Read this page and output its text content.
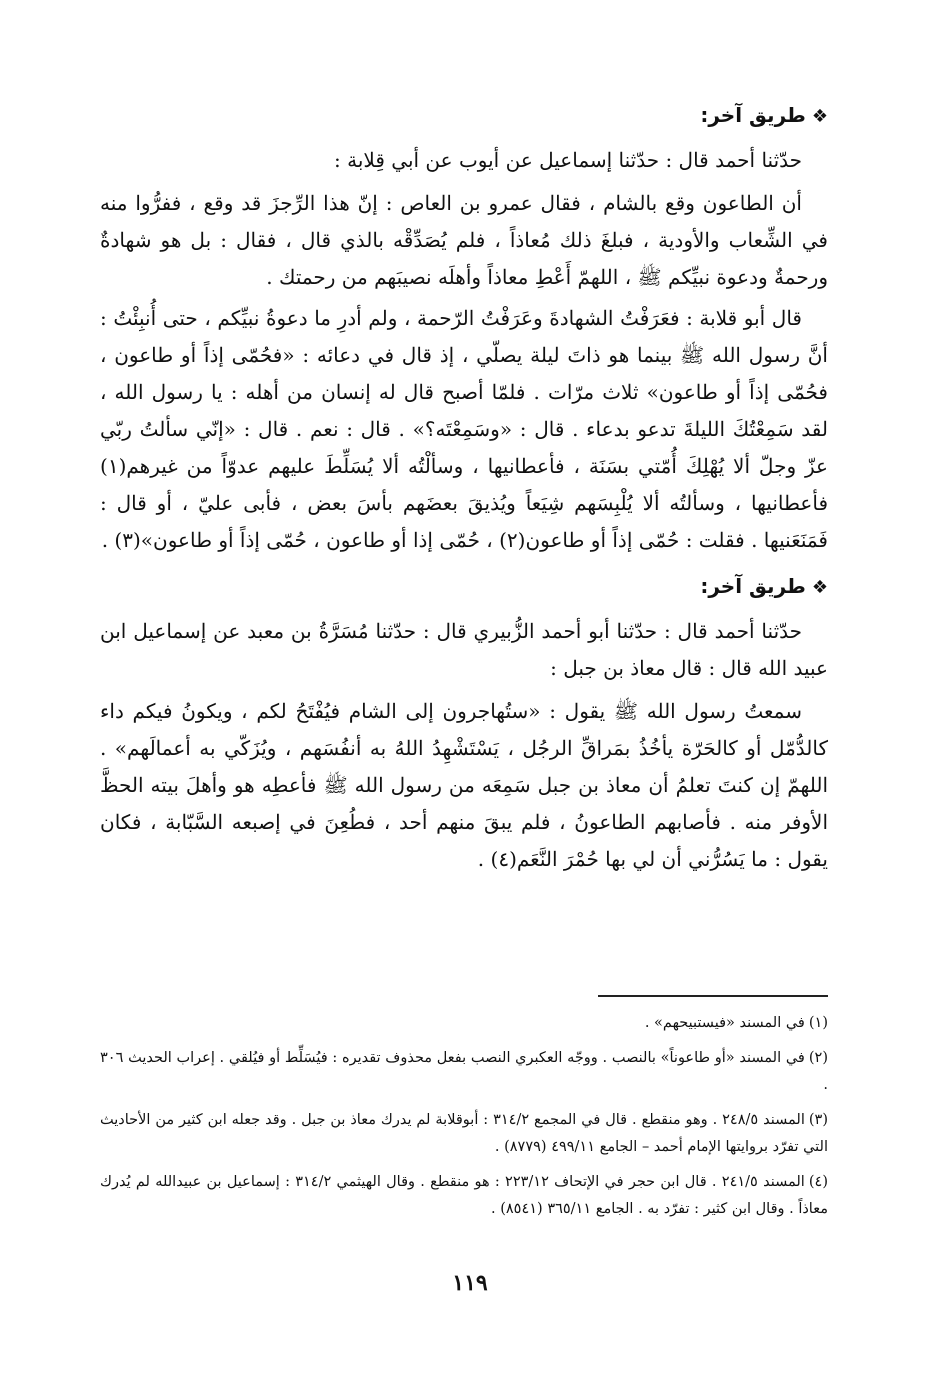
❖طريق آخر:

حدّثنا أحمد قال : حدّثنا إسماعيل عن أيوب عن أبي قِلابة :

أن الطاعون وقع بالشام ، فقال عمرو بن العاص : إنّ هذا الرِّجزَ قد وقع ، ففرُّوا منه في الشِّعاب والأودية ، فبلغَ ذلك مُعاذاً ، فلم يُصَدِّقْه بالذي قال ، فقال : بل هو شهادةٌ ورحمةٌ ودعوة نبيِّكم ﷺ ، اللهمّ أَعْطِ معاذاً وأهلَه نصيبَهم من رحمتك .

قال أبو قلابة : فعَرَفْتُ الشهادةَ وعَرَفْتُ الرّحمة ، ولم أدرِ ما دعوةُ نبيِّكم ، حتى أُنبِئْتُ : أنَّ رسول الله ﷺ بينما هو ذاتَ ليلة يصلّي ، إذ قال في دعائه : «فحُمّى إذاً أو طاعون ، فحُمّى إذاً أو طاعون» ثلاث مرّات . فلمّا أصبح قال له إنسان من أهله : يا رسول الله ، لقد سَمِعْتُكَ الليلةَ تدعو بدعاء . قال : «وسَمِعْتَه؟» . قال : نعم . قال : «إنّي سألتُ ربّي عزّ وجلّ ألا يُهْلِكَ أُمّتي بسَنَة ، فأعطانيها ، وسألْتُه ألا يُسَلِّطَ عليهم عدوّاً من غيرهم(١) فأعطانيها ، وسألتُه ألا يُلْبِسَهم شِيَعاً ويُذيقَ بعضَهم بأسَ بعض ، فأبى عليّ ، أو قال : فَمَنَعَنيها . فقلت : حُمّى إذاً أو طاعون(٢) ، حُمّى إذا أو طاعون ، حُمّى إذاً أو طاعون»(٣) .

❖طريق آخر:

حدّثنا أحمد قال : حدّثنا أبو أحمد الزُّبيري قال : حدّثنا مُسَرَّةُ بن معبد عن إسماعيل ابن عبيد الله قال : قال معاذ بن جبل :

سمعتُ رسول الله ﷺ يقول : «ستُهاجرون إلى الشام فيُفْتَحُ لكم ، ويكونُ فيكم داء كالدُّمّل أو كالحَرّة يأخُذُ بمَراقِّ الرجُل ، يَسْتَشْهِدُ اللهُ به أنفُسَهم ، ويُزَكّي به أعمالَهم» . اللهمّ إن كنتَ تعلمُ أن معاذ بن جبل سَمِعَه من رسول الله ﷺ فأعطِه هو وأهلَ بيته الحظَّ الأوفر منه . فأصابهم الطاعونُ ، فلم يبقَ منهم أحد ، فطُعِنَ في إصبعه السَّبّابة ، فكان يقول : ما يَسُرُّني أن لي بها حُمْرَ النَّعَم(٤) .

(١)في المسند «فيستبيحهم» .

(٢)في المسند «أو طاعوناً» بالنصب . ووجّه العكبري النصب بفعل محذوف تقديره : فيُسَلِّط أو فيُلقي . إعراب الحديث ٣٠٦ .

(٣)المسند ٢٤٨/٥ . وهو منقطع . قال في المجمع ٣١٤/٢ : أبوقلابة لم يدرك معاذ بن جبل . وقد جعله ابن كثير من الأحاديث التي تفرّد بروايتها الإمام أحمد – الجامع ٤٩٩/١١ (٨٧٧٩) .

(٤)المسند ٢٤١/٥ . قال ابن حجر في الإتحاف ٢٢٣/١٢ : هو منقطع . وقال الهيثمي ٣١٤/٢ : إسماعيل بن عبيدالله لم يُدرك معاذاً . وقال ابن كثير : تفرّد به . الجامع ٣٦٥/١١ (٨٥٤١) .

١١٩
